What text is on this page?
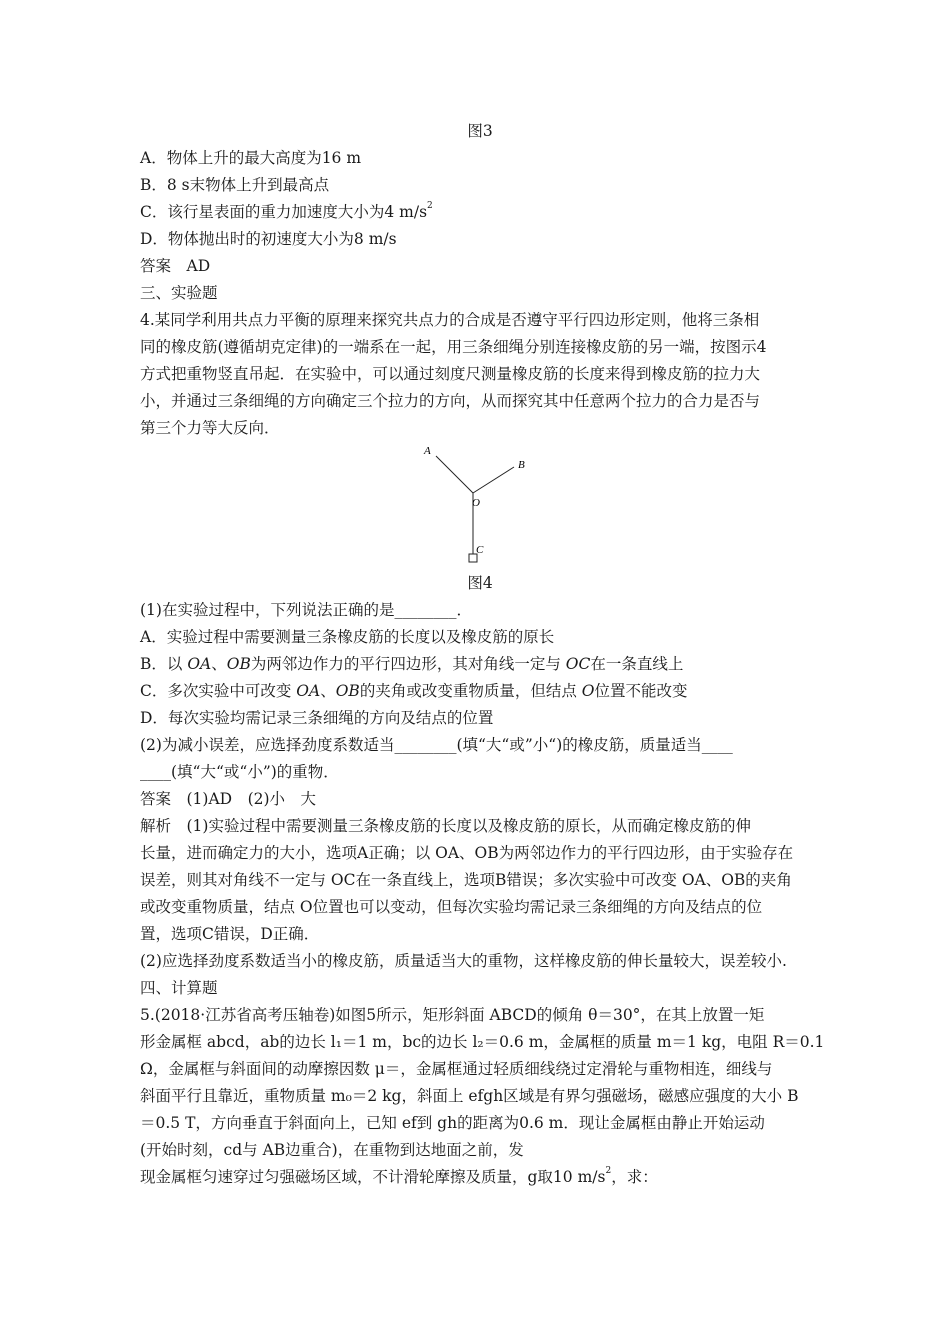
图3
A．物体上升的最大高度为16 m
B．8 s末物体上升到最高点
C．该行星表面的重力加速度大小为4 $m/s^2$
D．物体抛出时的初速度大小为8 m/s
答案　AD
三、实验题
4.某同学利用共点力平衡的原理来探究共点力的合成是否遵守平行四边形定则，他将三条相
同的橡皮筋(遵循胡克定律)的一端系在一起，用三条细绳分别连接橡皮筋的另一端，按图示4
方式把重物竖直吊起．在实验中，可以通过刻度尺测量橡皮筋的长度来得到橡皮筋的拉力大
小，并通过三条细绳的方向确定三个拉力的方向，从而探究其中任意两个拉力的合力是否与
第三个力等大反向．
A
B
O
C
图4
(1)在实验过程中，下列说法正确的是________．
A．实验过程中需要测量三条橡皮筋的长度以及橡皮筋的原长
B．以 OA、OB为两邻边作力的平行四边形，其对角线一定与 OC在一条直线上
C．多次实验中可改变 OA、OB的夹角或改变重物质量，但结点 O位置不能改变
D．每次实验均需记录三条细绳的方向及结点的位置
(2)为减小误差，应选择劲度系数适当________(填“大“或”小“)的橡皮筋，质量适当____
____(填“大“或“小”)的重物．
答案　(1)AD　(2)小　大
解析　(1)实验过程中需要测量三条橡皮筋的长度以及橡皮筋的原长，从而确定橡皮筋的伸
长量，进而确定力的大小，选项A正确；以 OA、OB为两邻边作力的平行四边形，由于实验存在
误差，则其对角线不一定与 OC在一条直线上，选项B错误；多次实验中可改变 OA、OB的夹角
或改变重物质量，结点 O位置也可以变动，但每次实验均需记录三条细绳的方向及结点的位
置，选项C错误，D正确．
(2)应选择劲度系数适当小的橡皮筋，质量适当大的重物，这样橡皮筋的伸长量较大，误差较小.
四、计算题
5.(2018·江苏省高考压轴卷)如图5所示，矩形斜面 ABCD的倾角 θ＝30°，在其上放置一矩
形金属框 abcd，ab的边长 l₁＝1 m，bc的边长 l₂＝0.6 m，金属框的质量 m＝1 kg，电阻 R＝0.1
Ω，金属框与斜面间的动摩擦因数 μ＝，金属框通过轻质细线绕过定滑轮与重物相连，细线与
斜面平行且靠近，重物质量 m₀＝2 kg，斜面上 efgh区域是有界匀强磁场，磁感应强度的大小 B
＝0.5 T，方向垂直于斜面向上，已知 ef到 gh的距离为0.6 m．现让金属框由静止开始运动
(开始时刻，cd与 AB边重合)，在重物到达地面之前，发
现金属框匀速穿过匀强磁场区域，不计滑轮摩擦及质量，g取10 $m/s^2$，求：
